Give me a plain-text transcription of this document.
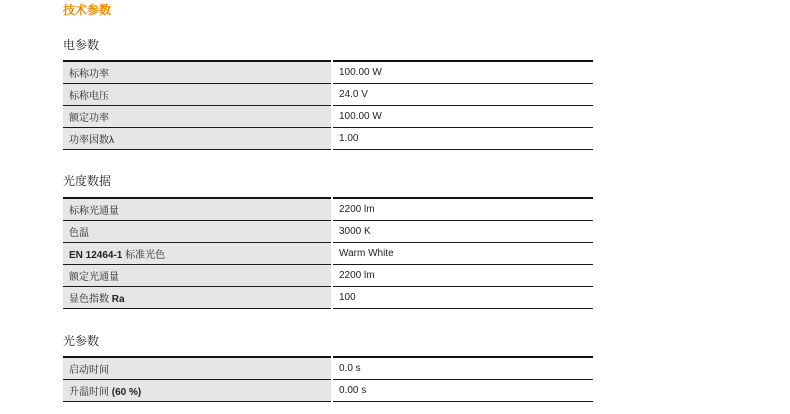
技术参数
电参数
标称功率	100.00 W
标称电压	24.0 V
额定功率	100.00 W
功率因数λ	1.00
光度数据
标称光通量	2200 lm
色温	3000 K
EN 12464-1 标准光色	Warm White
额定光通量	2200 lm
显色指数 Ra	100
光参数
启动时间	0.0 s
升温时间 (60 %)	0.00 s
